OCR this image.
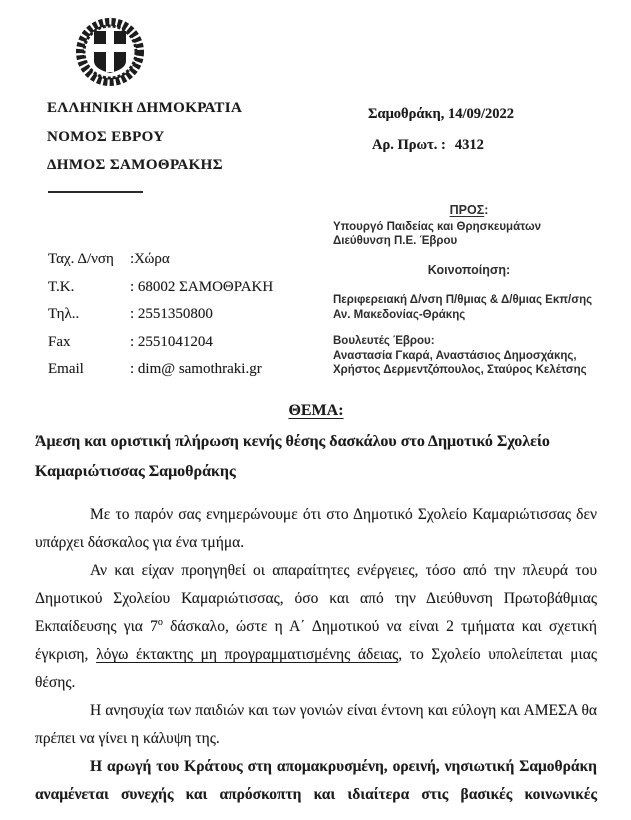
ΕΛΛΗΝΙΚΗ ΔΗΜΟΚΡΑΤΙΑ
ΝΟΜΟΣ ΕΒΡΟΥ
ΔΗΜΟΣ ΣΑΜΟΘΡΑΚΗΣ
Σαμοθράκη, 14/09/2022
Αρ. Πρωτ. : 4312
Ταχ. Δ/νση	:Χώρα
Τ.Κ.	: 68002 ΣΑΜΟΘΡΑΚΗ
Τηλ..	: 2551350800
Fax	: 2551041204
Email	: dim@ samothraki.gr
ΠΡΟΣ:
Υπουργό Παιδείας και Θρησκευμάτων
Διεύθυνση Π.Ε. Έβρου
Κοινοποίηση:
Περιφερειακή Δ/νση Π/θμιας & Δ/θμιας Εκπ/σης
Αν. Μακεδονίας-Θράκης
Βουλευτές Έβρου:
Αναστασία Γκαρά, Αναστάσιος Δημοσχάκης,
Χρήστος Δερμεντζόπουλος, Σταύρος Κελέτσης
ΘΕΜΑ:
Άμεση και οριστική πλήρωση κενής θέσης δασκάλου στο Δημοτικό Σχολείο
Καμαριώτισσας Σαμοθράκης
Με το παρόν σας ενημερώνουμε ότι στο Δημοτικό Σχολείο Καμαριώτισσας δεν
υπάρχει δάσκαλος για ένα τμήμα.
Αν και είχαν προηγηθεί οι απαραίτητες ενέργειες, τόσο από την πλευρά του
Δημοτικού Σχολείου Καμαριώτισσας, όσο και από την Διεύθυνση Πρωτοβάθμιας
Εκπαίδευσης για $7^o$ δάσκαλο, ώστε η Α΄ Δημοτικού να είναι 2 τμήματα και σχετική
έγκριση, λόγω έκτακτης μη προγραμματισμένης άδειας, το Σχολείο υπολείπεται μιας
θέσης.
Η ανησυχία των παιδιών και των γονιών είναι έντονη και εύλογη και ΑΜΕΣΑ θα
πρέπει να γίνει η κάλυψη της.
Η αρωγή του Κράτους στη απομακρυσμένη, ορεινή, νησιωτική Σαμοθράκη
αναμένεται συνεχής και απρόσκοπτη και ιδιαίτερα στις βασικές κοινωνικές
